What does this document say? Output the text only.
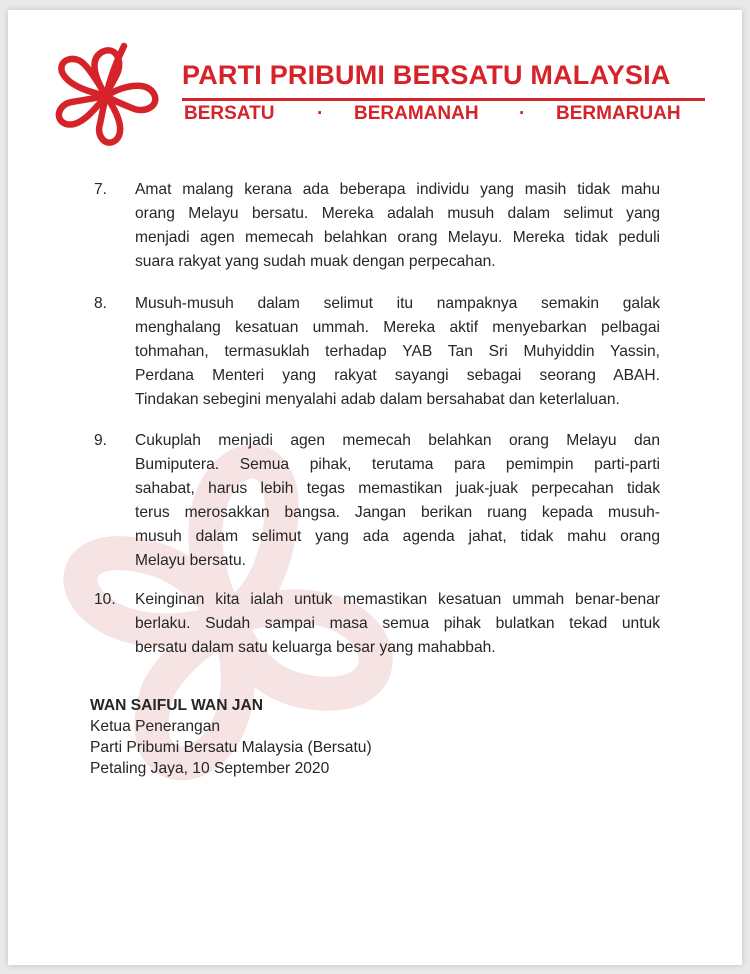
PARTI PRIBUMI BERSATU MALAYSIA
BERSATU · BERAMANAH · BERMARUAH
7.	Amat malang kerana ada beberapa individu yang masih tidak mahu
orang Melayu bersatu. Mereka adalah musuh dalam selimut yang
menjadi agen memecah belahkan orang Melayu. Mereka tidak peduli
suara rakyat yang sudah muak dengan perpecahan.
8.	Musuh-musuh dalam selimut itu nampaknya semakin galak
menghalang kesatuan ummah. Mereka aktif menyebarkan pelbagai
tohmahan, termasuklah terhadap YAB Tan Sri Muhyiddin Yassin,
Perdana Menteri yang rakyat sayangi sebagai seorang ABAH.
Tindakan sebegini menyalahi adab dalam bersahabat dan keterlaluan.
9.	Cukuplah menjadi agen memecah belahkan orang Melayu dan
Bumiputera. Semua pihak, terutama para pemimpin parti-parti
sahabat, harus lebih tegas memastikan juak-juak perpecahan tidak
terus merosakkan bangsa. Jangan berikan ruang kepada musuh-
musuh dalam selimut yang ada agenda jahat, tidak mahu orang
Melayu bersatu.
10.	Keinginan kita ialah untuk memastikan kesatuan ummah benar-benar
berlaku. Sudah sampai masa semua pihak bulatkan tekad untuk
bersatu dalam satu keluarga besar yang mahabbah.
WAN SAIFUL WAN JAN
Ketua Penerangan
Parti Pribumi Bersatu Malaysia (Bersatu)
Petaling Jaya, 10 September 2020
